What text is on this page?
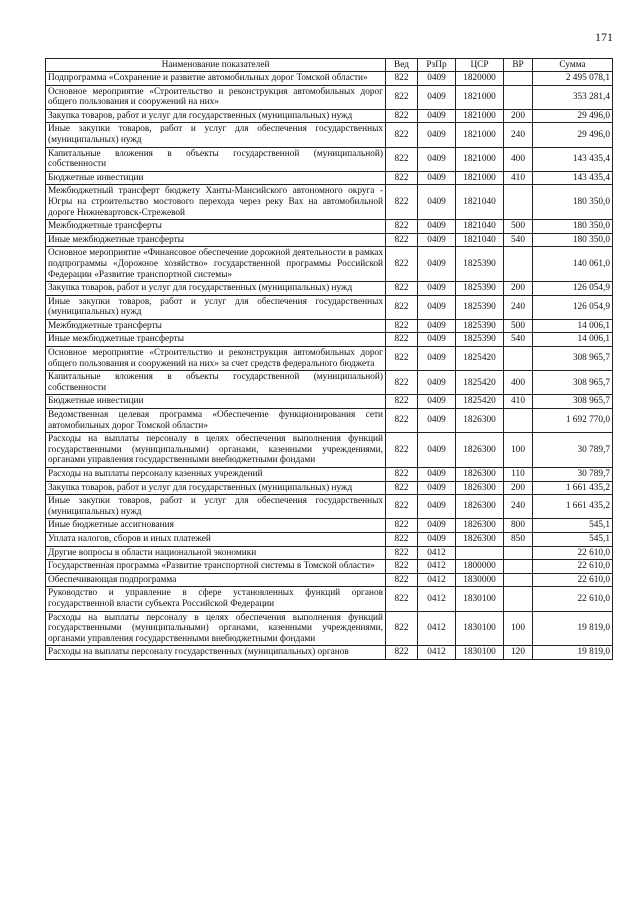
171
Наименование показателей	Вед	РзПр	ЦСР	ВР	Сумма
Подпрограмма «Сохранение и развитие автомобильных дорог Томской области»	822	0409	1820000		2 495 078,1
Основное мероприятие «Строительство и реконструкция автомобильных дорог общего пользования и сооружений на них»	822	0409	1821000		353 281,4
Закупка товаров, работ и услуг для государственных (муниципальных) нужд	822	0409	1821000	200	29 496,0
Иные закупки товаров, работ и услуг для обеспечения государственных (муниципальных) нужд	822	0409	1821000	240	29 496,0
Капитальные вложения в объекты государственной (муниципальной) собственности	822	0409	1821000	400	143 435,4
Бюджетные инвестиции	822	0409	1821000	410	143 435,4
Межбюджетный трансферт бюджету Ханты-Мансийского автономного округа - Югры на строительство мостового перехода через реку Вах на автомобильной дороге Нижневартовск-Стрежевой	822	0409	1821040		180 350,0
Межбюджетные трансферты	822	0409	1821040	500	180 350,0
Иные межбюджетные трансферты	822	0409	1821040	540	180 350,0
Основное мероприятие «Финансовое обеспечение дорожной деятельности в рамках подпрограммы «Дорожное хозяйство» государственной программы Российской Федерации «Развитие транспортной системы»	822	0409	1825390		140 061,0
Закупка товаров, работ и услуг для государственных (муниципальных) нужд	822	0409	1825390	200	126 054,9
Иные закупки товаров, работ и услуг для обеспечения государственных (муниципальных) нужд	822	0409	1825390	240	126 054,9
Межбюджетные трансферты	822	0409	1825390	500	14 006,1
Иные межбюджетные трансферты	822	0409	1825390	540	14 006,1
Основное мероприятие «Строительство и реконструкция автомобильных дорог общего пользования и сооружений на них» за счет средств федерального бюджета	822	0409	1825420		308 965,7
Капитальные вложения в объекты государственной (муниципальной) собственности	822	0409	1825420	400	308 965,7
Бюджетные инвестиции	822	0409	1825420	410	308 965,7
Ведомственная целевая программа «Обеспечение функционирования сети автомобильных дорог Томской области»	822	0409	1826300		1 692 770,0
Расходы на выплаты персоналу в целях обеспечения выполнения функций государственными (муниципальными) органами, казенными учреждениями, органами управления государственными внебюджетными фондами	822	0409	1826300	100	30 789,7
Расходы на выплаты персоналу казенных учреждений	822	0409	1826300	110	30 789,7
Закупка товаров, работ и услуг для государственных (муниципальных) нужд	822	0409	1826300	200	1 661 435,2
Иные закупки товаров, работ и услуг для обеспечения государственных (муниципальных) нужд	822	0409	1826300	240	1 661 435,2
Иные бюджетные ассигнования	822	0409	1826300	800	545,1
Уплата налогов, сборов и иных платежей	822	0409	1826300	850	545,1
Другие вопросы в области национальной экономики	822	0412			22 610,0
Государственная программа «Развитие транспортной системы в Томской области»	822	0412	1800000		22 610,0
Обеспечивающая подпрограмма	822	0412	1830000		22 610,0
Руководство и управление в сфере установленных функций органов государственной власти субъекта Российской Федерации	822	0412	1830100		22 610,0
Расходы на выплаты персоналу в целях обеспечения выполнения функций государственными (муниципальными) органами, казенными учреждениями, органами управления государственными внебюджетными фондами	822	0412	1830100	100	19 819,0
Расходы на выплаты персоналу государственных (муниципальных) органов	822	0412	1830100	120	19 819,0
